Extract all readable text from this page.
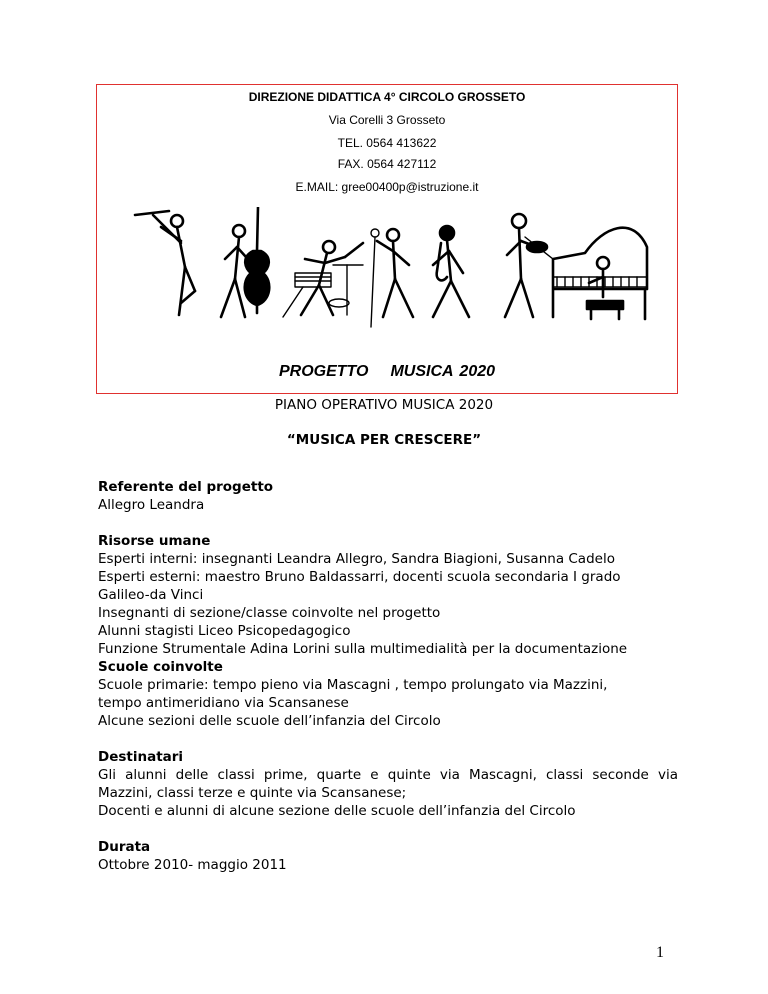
DIREZIONE DIDATTICA 4° CIRCOLO GROSSETO
Via Corelli 3 Grosseto
TEL. 0564 413622
FAX. 0564 427112
E.MAIL: gree00400p@istruzione.it
PROGETTO MUSICA 2020
PIANO OPERATIVO MUSICA 2020
“MUSICA PER CRESCERE”
Referente del progetto
Allegro Leandra
Risorse umane
Esperti interni: insegnanti Leandra Allegro, Sandra Biagioni, Susanna Cadelo
Esperti esterni: maestro Bruno Baldassarri, docenti scuola secondaria I grado
Galileo-da Vinci
Insegnanti di sezione/classe coinvolte nel progetto
Alunni stagisti Liceo Psicopedagogico
Funzione Strumentale Adina Lorini sulla multimedialità per la documentazione
Scuole coinvolte
Scuole primarie: tempo pieno via Mascagni , tempo prolungato via Mazzini,
tempo antimeridiano via Scansanese
Alcune sezioni delle scuole dell’infanzia del Circolo
Destinatari
Gli alunni delle classi prime, quarte e quinte via Mascagni, classi seconde via Mazzini, classi terze e quinte via Scansanese;
Docenti e alunni di alcune sezione delle scuole dell’infanzia del Circolo
Durata
Ottobre 2010- maggio 2011
1
